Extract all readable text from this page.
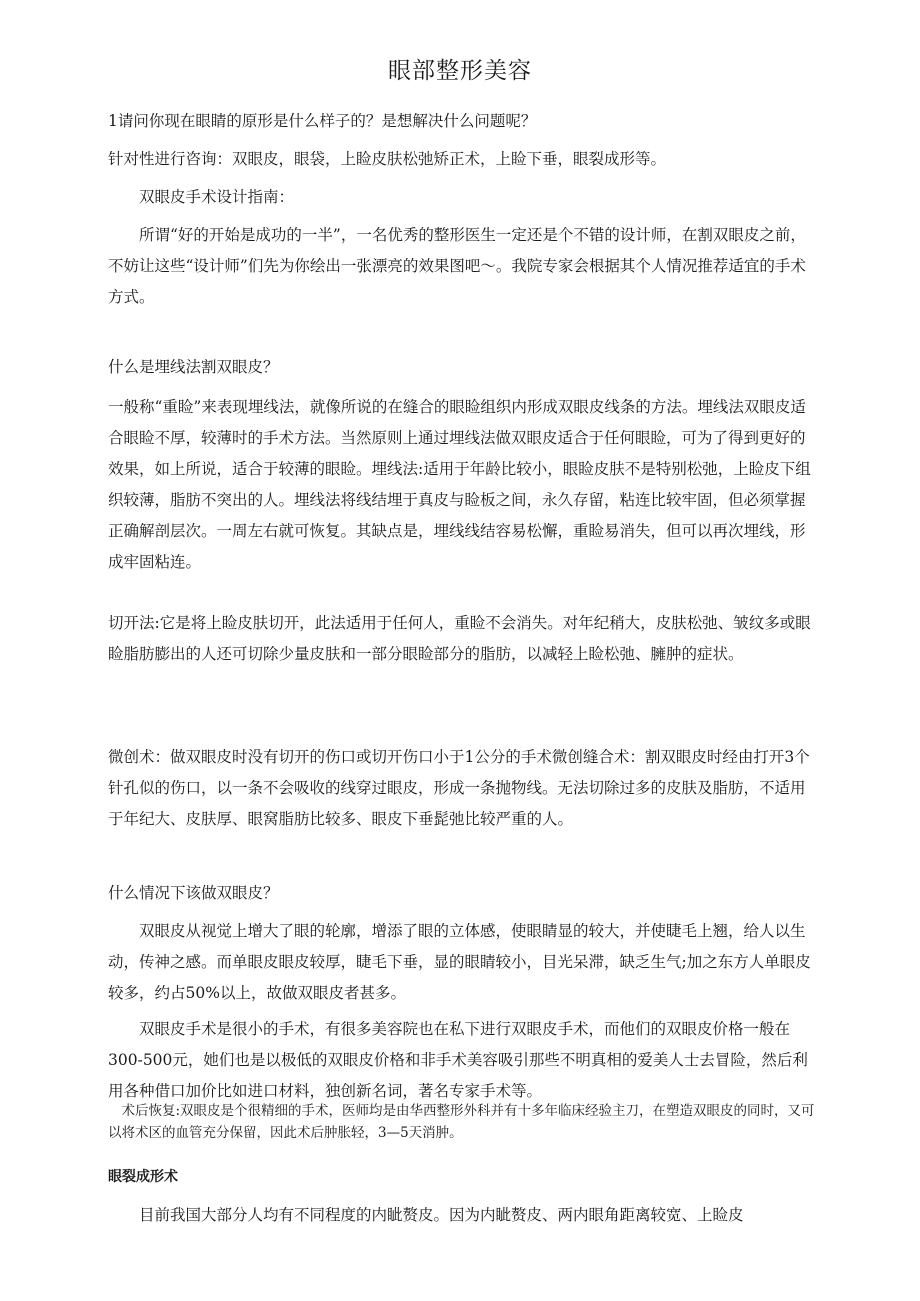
眼部整形美容

1请问你现在眼睛的原形是什么样子的？是想解决什么问题呢？

针对性进行咨询：双眼皮，眼袋，上睑皮肤松弛矫正术，上睑下垂，眼裂成形等。

双眼皮手术设计指南：

所谓“好的开始是成功的一半”，一名优秀的整形医生一定还是个不错的设计师，在割双眼皮之前，不妨让这些“设计师”们先为你绘出一张漂亮的效果图吧～。我院专家会根据其个人情况推荐适宜的手术方式。

什么是埋线法割双眼皮？

一般称“重睑”来表现埋线法，就像所说的在缝合的眼睑组织内形成双眼皮线条的方法。埋线法双眼皮适合眼睑不厚，较薄时的手术方法。当然原则上通过埋线法做双眼皮适合于任何眼睑，可为了得到更好的效果，如上所说，适合于较薄的眼睑。埋线法:适用于年龄比较小，眼睑皮肤不是特别松弛，上睑皮下组织较薄，脂肪不突出的人。埋线法将线结埋于真皮与睑板之间，永久存留，粘连比较牢固，但必须掌握正确解剖层次。一周左右就可恢复。其缺点是，埋线线结容易松懈，重睑易消失，但可以再次埋线，形成牢固粘连。

切开法:它是将上睑皮肤切开，此法适用于任何人，重睑不会消失。对年纪稍大，皮肤松弛、皱纹多或眼睑脂肪膨出的人还可切除少量皮肤和一部分眼睑部分的脂肪，以减轻上睑松弛、臃肿的症状。

微创术：做双眼皮时没有切开的伤口或切开伤口小于1公分的手术微创缝合术：割双眼皮时经由打开3个针孔似的伤口，以一条不会吸收的线穿过眼皮，形成一条抛物线。无法切除过多的皮肤及脂肪，不适用于年纪大、皮肤厚、眼窝脂肪比较多、眼皮下垂髭弛比较严重的人。

什么情况下该做双眼皮？

双眼皮从视觉上增大了眼的轮廓，增添了眼的立体感，使眼睛显的较大，并使睫毛上翘，给人以生动，传神之感。而单眼皮眼皮较厚，睫毛下垂，显的眼睛较小，目光呆滞，缺乏生气;加之东方人单眼皮较多，约占50%以上，故做双眼皮者甚多。

双眼皮手术是很小的手术，有很多美容院也在私下进行双眼皮手术，而他们的双眼皮价格一般在300-500元，她们也是以极低的双眼皮价格和非手术美容吸引那些不明真相的爱美人士去冒险，然后利用各种借口加价比如进口材料，独创新名词，著名专家手术等。

术后恢复:双眼皮是个很精细的手术，医师均是由华西整形外科并有十多年临床经验主刀，在塑造双眼皮的同时，又可以将术区的血管充分保留，因此术后肿胀轻，3—5天消肿。

眼裂成形术

目前我国大部分人均有不同程度的内眦赘皮。因为内眦赘皮、两内眼角距离较宽、上睑皮
